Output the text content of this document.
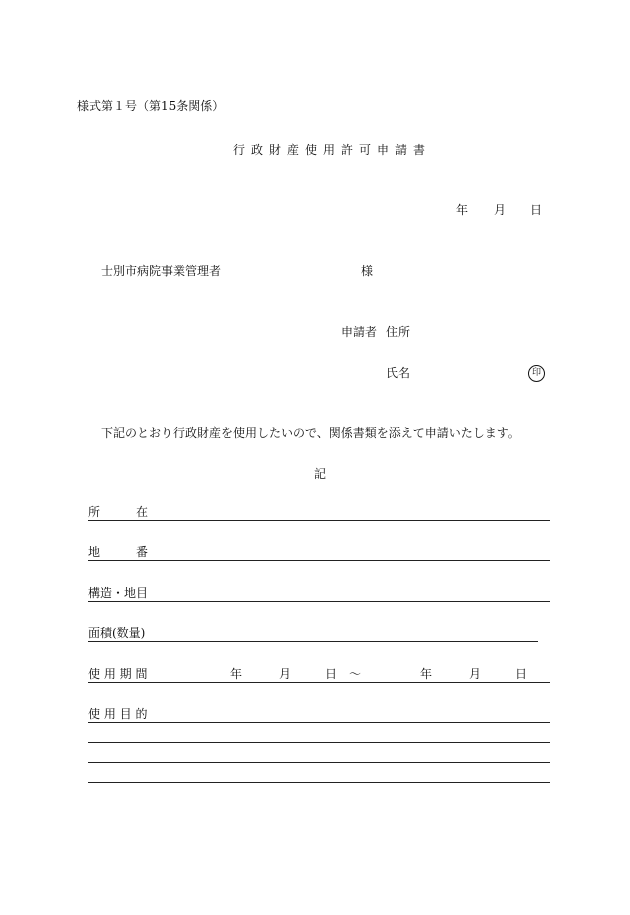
様式第１号（第15条関係）
行政財産使用許可申請書
年 月 日
士別市病院事業管理者	様
申請者 住所
氏名	印
下記のとおり行政財産を使用したいので、関係書類を添えて申請いたします。
記
所　　　在
地　　　番
構造・地目
面積(数量)
使 用 期 間	年	月	日 〜	年	月	日
使 用 目 的
